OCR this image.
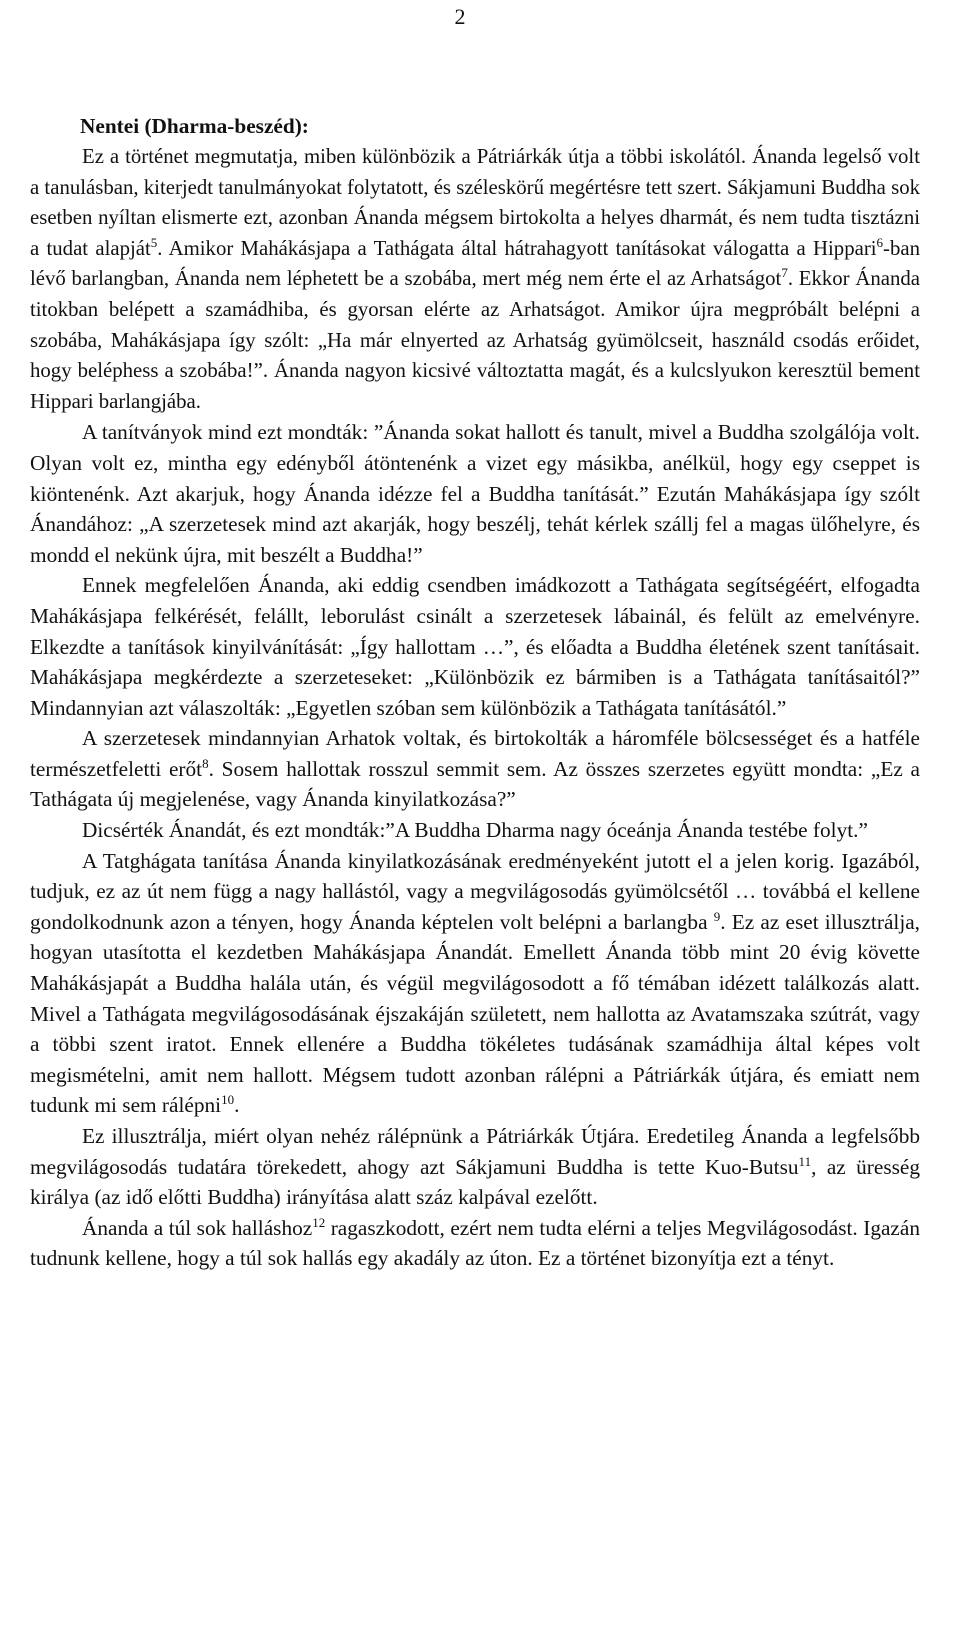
2
Nentei (Dharma-beszéd):
Ez a történet megmutatja, miben különbözik a Pátriárkák útja a többi iskolától. Ánanda legelső volt a tanulásban, kiterjedt tanulmányokat folytatott, és széleskörű megértésre tett szert. Sákjamuni Buddha sok esetben nyíltan elismerte ezt, azonban Ánanda mégsem birtokolta a helyes dharmát, és nem tudta tisztázni a tudat alapját$^5$. Amikor Mahákásjapa a Tathágata által hátrahagyott tanításokat válogatta a Hippari$^6$-ban lévő barlangban, Ánanda nem léphetett be a szobába, mert még nem érte el az Arhatságot$^7$. Ekkor Ánanda titokban belépett a szamádhiba, és gyorsan elérte az Arhatságot. Amikor újra megpróbált belépni a szobába, Mahákásjapa így szólt: „Ha már elnyerted az Arhatság gyümölcseit, használd csodás erőidet, hogy beléphess a szobába!”. Ánanda nagyon kicsivé változtatta magát, és a kulcslyukon keresztül bement Hippari barlangjába.
A tanítványok mind ezt mondták: ”Ánanda sokat hallott és tanult, mivel a Buddha szolgálója volt. Olyan volt ez, mintha egy edényből átöntenénk a vizet egy másikba, anélkül, hogy egy cseppet is kiöntenénk. Azt akarjuk, hogy Ánanda idézze fel a Buddha tanítását.” Ezután Mahákásjapa így szólt Ánandához: „A szerzetesek mind azt akarják, hogy beszélj, tehát kérlek szállj fel a magas ülőhelyre, és mondd el nekünk újra, mit beszélt a Buddha!”
Ennek megfelelően Ánanda, aki eddig csendben imádkozott a Tathágata segítségéért, elfogadta Mahákásjapa felkérését, felállt, leborulást csinált a szerzetesek lábainál, és felült az emelvényre. Elkezdte a tanítások kinyilvánítását: „Így hallottam …”, és előadta a Buddha életének szent tanításait. Mahákásjapa megkérdezte a szerzeteseket: „Különbözik ez bármiben is a Tathágata tanításaitól?” Mindannyian azt válaszolták: „Egyetlen szóban sem különbözik a Tathágata tanításától.”
A szerzetesek mindannyian Arhatok voltak, és birtokolták a háromféle bölcsességet és a hatféle természetfeletti erőt$^8$. Sosem hallottak rosszul semmit sem. Az összes szerzetes együtt mondta: „Ez a Tathágata új megjelenése, vagy Ánanda kinyilatkozása?”
Dicsérték Ánandát, és ezt mondták:”A Buddha Dharma nagy óceánja Ánanda testébe folyt.”
A Tatghágata tanítása Ánanda kinyilatkozásának eredményeként jutott el a jelen korig. Igazából, tudjuk, ez az út nem függ a nagy hallástól, vagy a megvilágosodás gyümölcsétől … továbbá el kellene gondolkodnunk azon a tényen, hogy Ánanda képtelen volt belépni a barlangba $^9$. Ez az eset illusztrálja, hogyan utasította el kezdetben Mahákásjapa Ánandát. Emellett Ánanda több mint 20 évig követte Mahákásjapát a Buddha halála után, és végül megvilágosodott a fő témában idézett találkozás alatt. Mivel a Tathágata megvilágosodásának éjszakáján született, nem hallotta az Avatamszaka szútrát, vagy a többi szent iratot. Ennek ellenére a Buddha tökéletes tudásának szamádhija által képes volt megismételni, amit nem hallott. Mégsem tudott azonban rálépni a Pátriárkák útjára, és emiatt nem tudunk mi sem rálépni$^{10}$.
Ez illusztrálja, miért olyan nehéz rálépnünk a Pátriárkák Útjára. Eredetileg Ánanda a legfelsőbb megvilágosodás tudatára törekedett, ahogy azt Sákjamuni Buddha is tette Kuo-Butsu$^{11}$, az üresség királya (az idő előtti Buddha) irányítása alatt száz kalpával ezelőtt.
Ánanda a túl sok halláshoz$^{12}$ ragaszkodott, ezért nem tudta elérni a teljes Megvilágosodást. Igazán tudnunk kellene, hogy a túl sok hallás egy akadály az úton. Ez a történet bizonyítja ezt a tényt.
